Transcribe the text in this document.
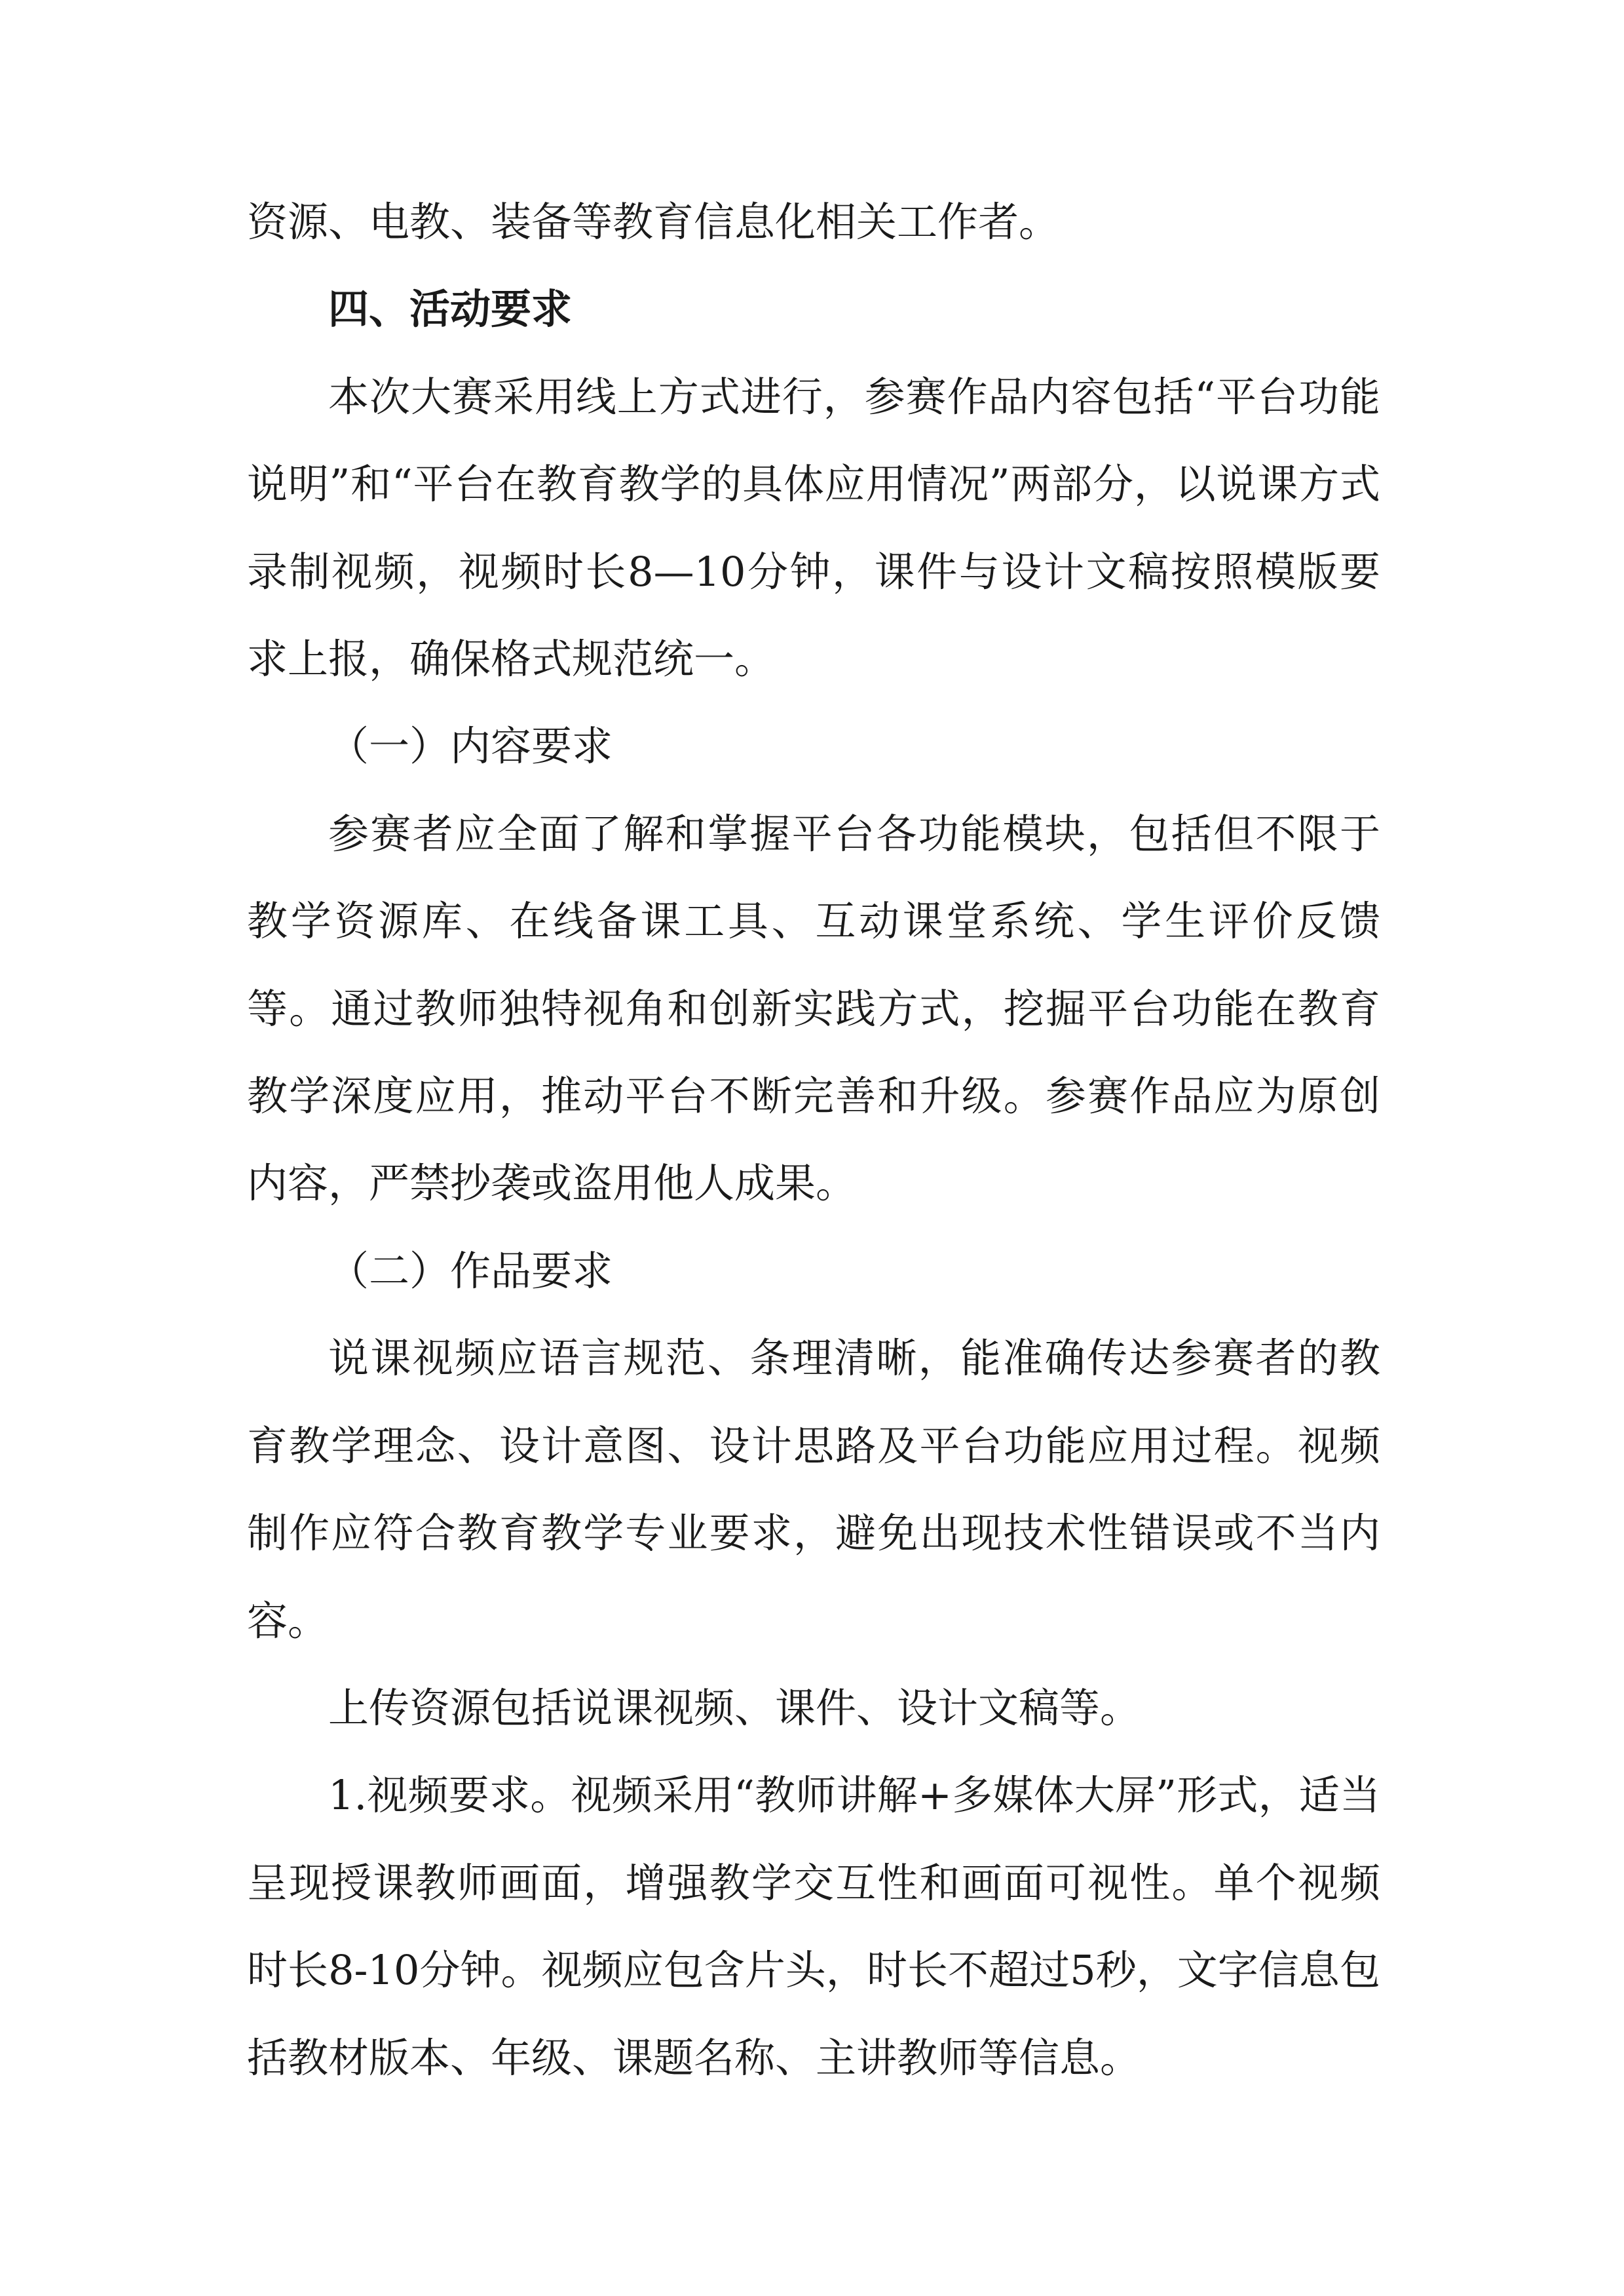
资源、电教、装备等教育信息化相关工作者。

四、活动要求

本次大赛采用线上方式进行，参赛作品内容包括“平台功能说明”和“平台在教育教学的具体应用情况”两部分，以说课方式录制视频，视频时长8—10分钟，课件与设计文稿按照模版要求上报，确保格式规范统一。

（一）内容要求

参赛者应全面了解和掌握平台各功能模块，包括但不限于教学资源库、在线备课工具、互动课堂系统、学生评价反馈等。通过教师独特视角和创新实践方式，挖掘平台功能在教育教学深度应用，推动平台不断完善和升级。参赛作品应为原创内容，严禁抄袭或盗用他人成果。

（二）作品要求

说课视频应语言规范、条理清晰，能准确传达参赛者的教育教学理念、设计意图、设计思路及平台功能应用过程。视频制作应符合教育教学专业要求，避免出现技术性错误或不当内容。

上传资源包括说课视频、课件、设计文稿等。

1.视频要求。视频采用“教师讲解+多媒体大屏”形式，适当呈现授课教师画面，增强教学交互性和画面可视性。单个视频时长8-10分钟。视频应包含片头，时长不超过5秒，文字信息包括教材版本、年级、课题名称、主讲教师等信息。
